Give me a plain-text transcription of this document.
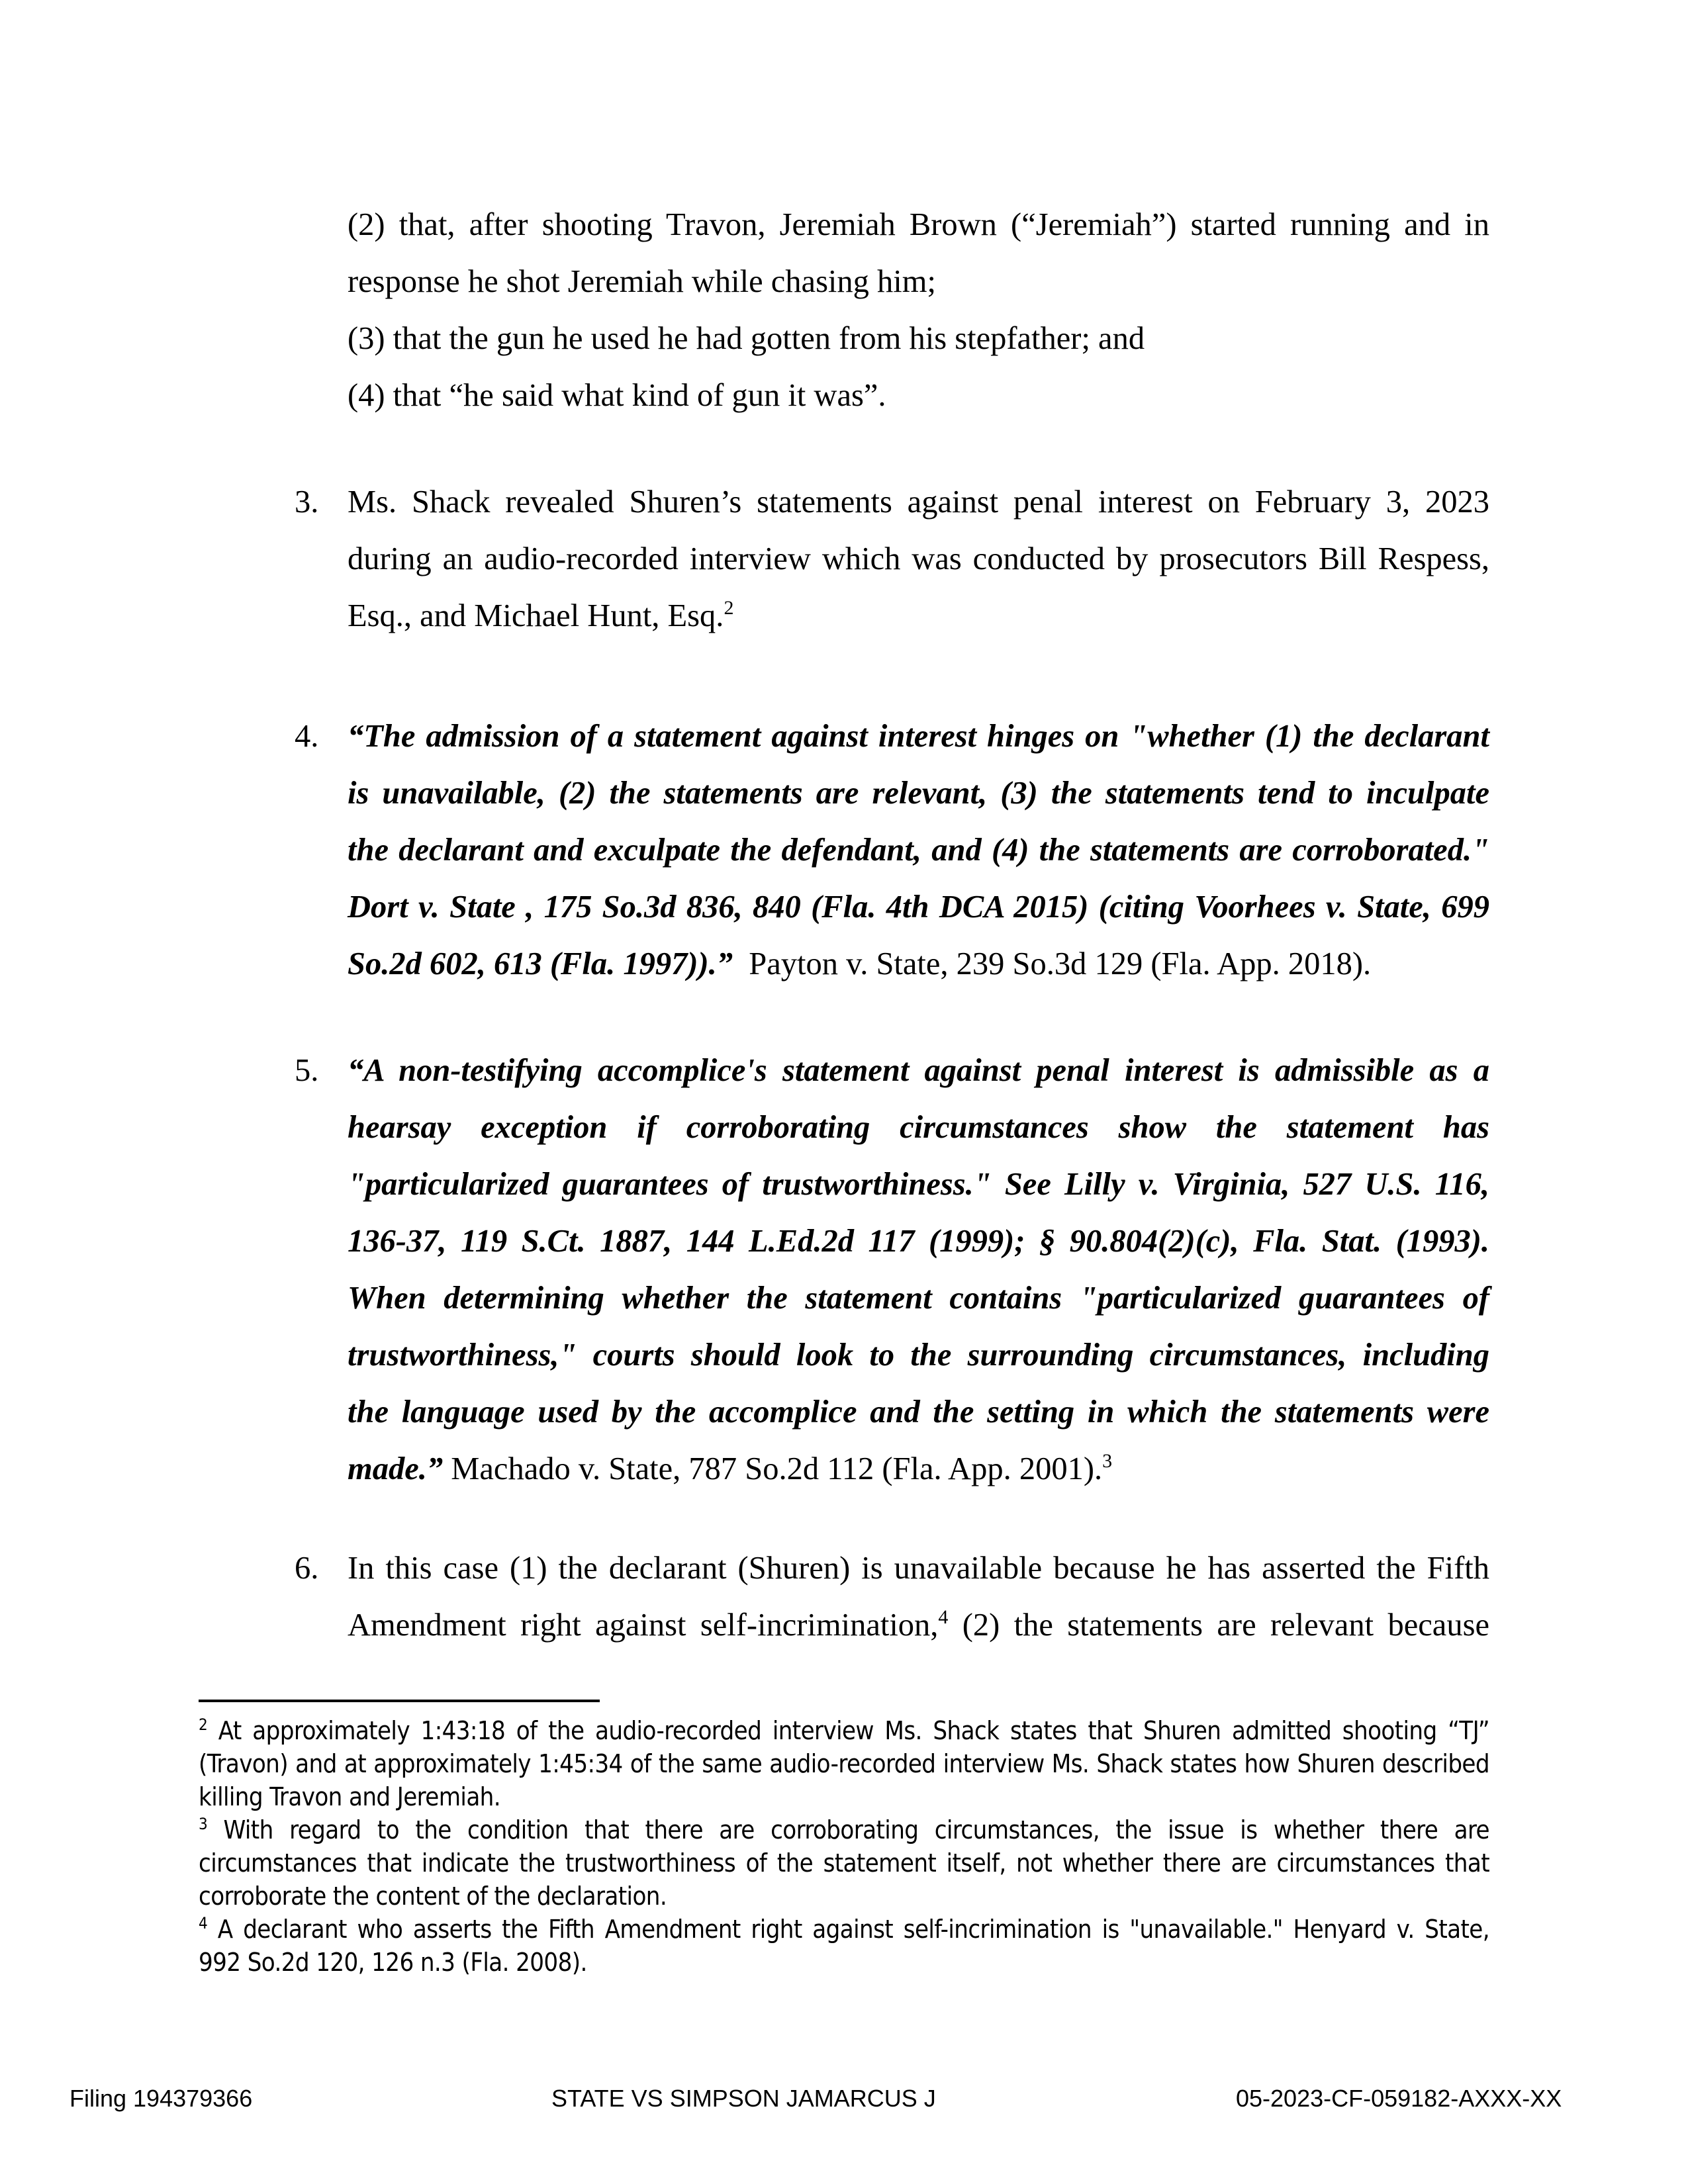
(2) that, after shooting Travon, Jeremiah Brown (“Jeremiah”) started running and in
response he shot Jeremiah while chasing him;
(3) that the gun he used he had gotten from his stepfather; and
(4) that “he said what kind of gun it was”.
3. Ms. Shack revealed Shuren’s statements against penal interest on February 3, 2023
during an audio-recorded interview which was conducted by prosecutors Bill Respess,
Esq., and Michael Hunt, Esq.$^2$
4. “The admission of a statement against interest hinges on "whether (1) the declarant
is unavailable, (2) the statements are relevant, (3) the statements tend to inculpate
the declarant and exculpate the defendant, and (4) the statements are corroborated."
Dort v. State , 175 So.3d 836, 840 (Fla. 4th DCA 2015) (citing Voorhees v. State, 699
So.2d 602, 613 (Fla. 1997)).” Payton v. State, 239 So.3d 129 (Fla. App. 2018).
5. “A non-testifying accomplice's statement against penal interest is admissible as a
hearsay exception if corroborating circumstances show the statement has
"particularized guarantees of trustworthiness." See Lilly v. Virginia, 527 U.S. 116,
136-37, 119 S.Ct. 1887, 144 L.Ed.2d 117 (1999); § 90.804(2)(c), Fla. Stat. (1993).
When determining whether the statement contains "particularized guarantees of
trustworthiness," courts should look to the surrounding circumstances, including
the language used by the accomplice and the setting in which the statements were
made.” Machado v. State, 787 So.2d 112 (Fla. App. 2001).$^3$
6. In this case (1) the declarant (Shuren) is unavailable because he has asserted the Fifth
Amendment right against self-incrimination,$^4$ (2) the statements are relevant because
$^2$ At approximately 1:43:18 of the audio-recorded interview Ms. Shack states that Shuren admitted shooting “TJ”
(Travon) and at approximately 1:45:34 of the same audio-recorded interview Ms. Shack states how Shuren described
killing Travon and Jeremiah.
$^3$ With regard to the condition that there are corroborating circumstances, the issue is whether there are
circumstances that indicate the trustworthiness of the statement itself, not whether there are circumstances that
corroborate the content of the declaration.
$^4$ A declarant who asserts the Fifth Amendment right against self-incrimination is "unavailable." Henyard v. State,
992 So.2d 120, 126 n.3 (Fla. 2008).
Filing 194379366	STATE VS SIMPSON JAMARCUS J	05-2023-CF-059182-AXXX-XX
